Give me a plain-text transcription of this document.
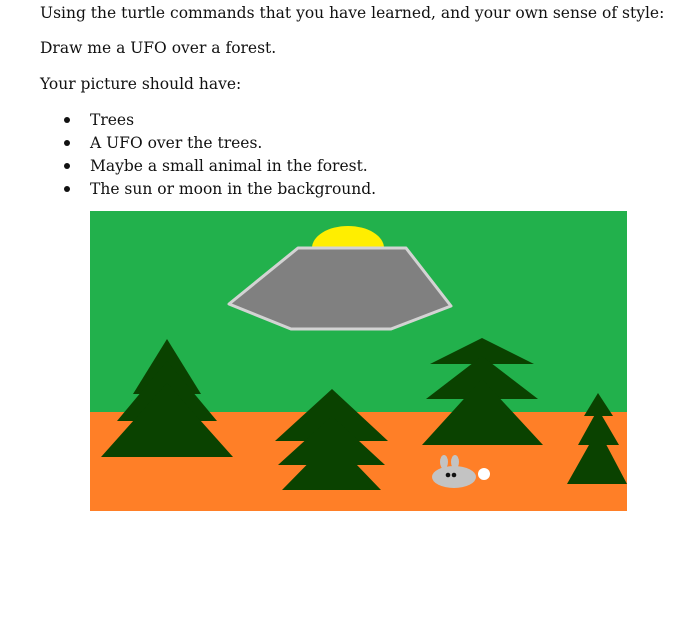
Using the turtle commands that you have learned, and your own sense of style:

Draw me a UFO over a forest.

Your picture should have:

Trees
A UFO over the trees.
Maybe a small animal in the forest.
The sun or moon in the background.
